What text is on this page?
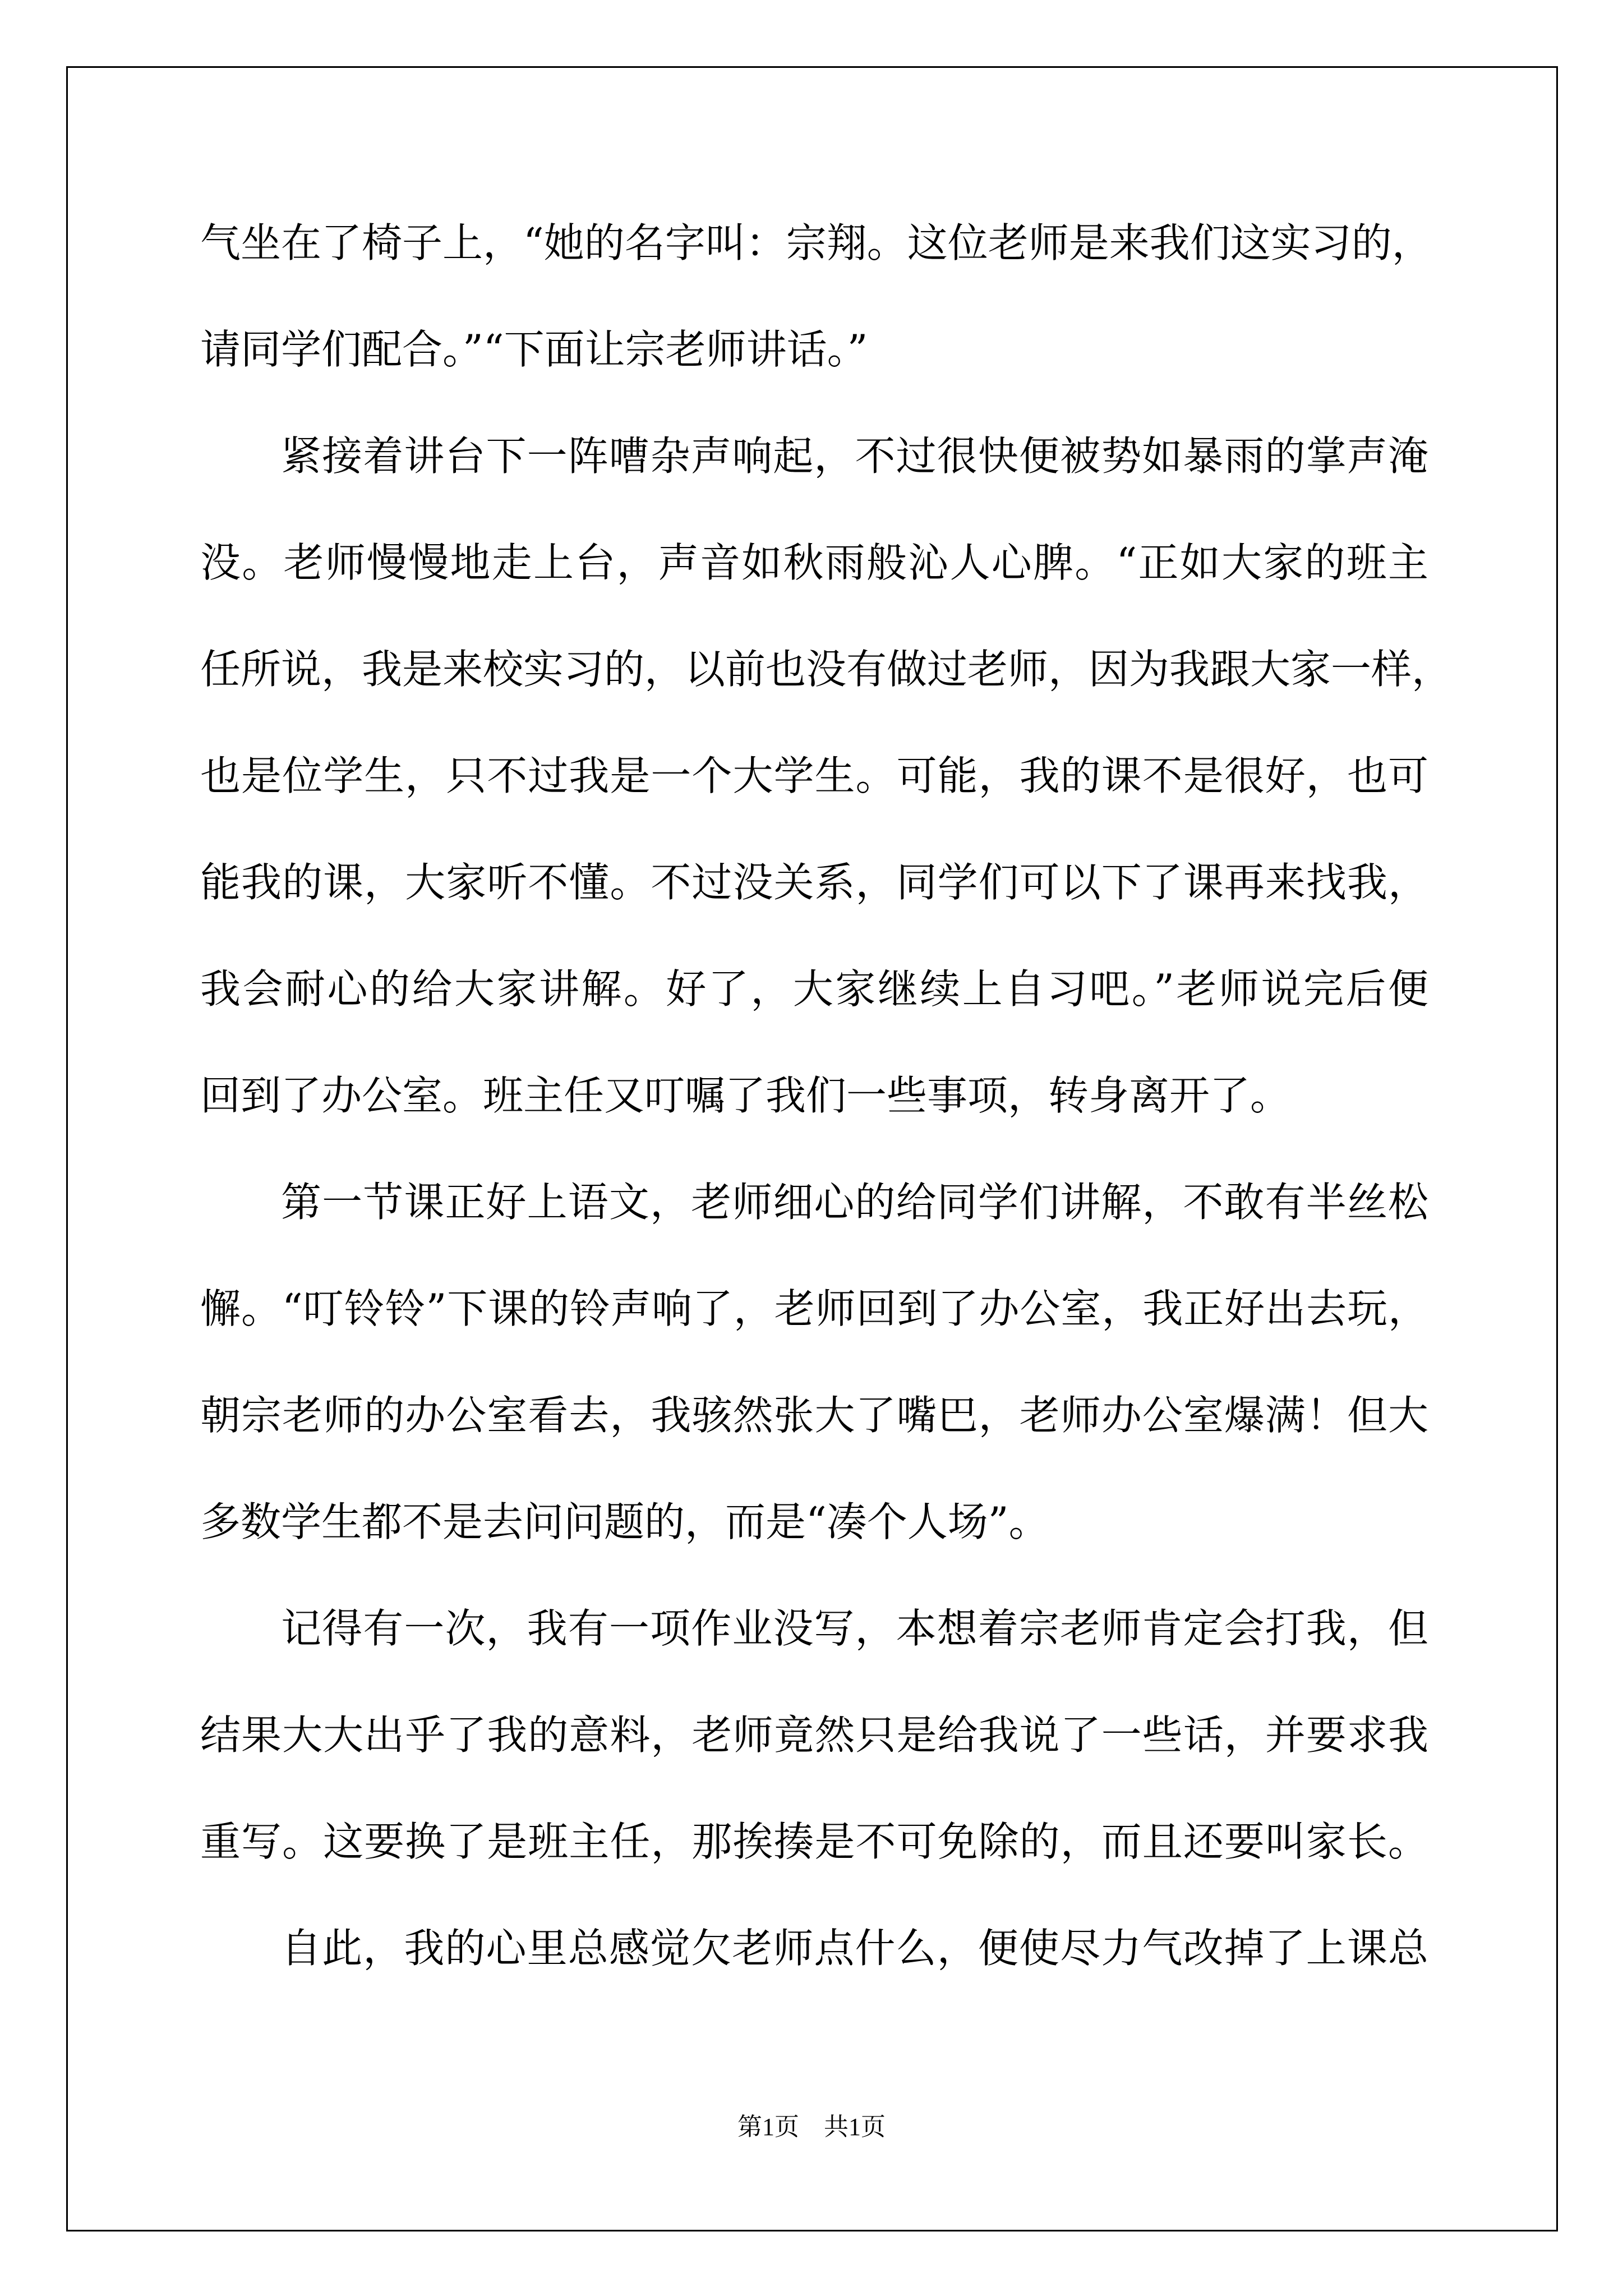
气坐在了椅子上，“她的名字叫：宗翔。这位老师是来我们这实习的，
请同学们配合。”“下面让宗老师讲话。”
紧接着讲台下一阵嘈杂声响起，不过很快便被势如暴雨的掌声淹
没。老师慢慢地走上台，声音如秋雨般沁人心脾。“正如大家的班主
任所说，我是来校实习的，以前也没有做过老师，因为我跟大家一样，
也是位学生，只不过我是一个大学生。可能，我的课不是很好，也可
能我的课，大家听不懂。不过没关系，同学们可以下了课再来找我，
我会耐心的给大家讲解。好了，大家继续上自习吧。”老师说完后便
回到了办公室。班主任又叮嘱了我们一些事项，转身离开了。
第一节课正好上语文，老师细心的给同学们讲解，不敢有半丝松
懈。“叮铃铃”下课的铃声响了，老师回到了办公室，我正好出去玩，
朝宗老师的办公室看去，我骇然张大了嘴巴，老师办公室爆满！但大
多数学生都不是去问问题的，而是“凑个人场”。
记得有一次，我有一项作业没写，本想着宗老师肯定会打我，但
结果大大出乎了我的意料，老师竟然只是给我说了一些话，并要求我
重写。这要换了是班主任，那挨揍是不可免除的，而且还要叫家长。
自此，我的心里总感觉欠老师点什么，便使尽力气改掉了上课总
第1页 共1页
